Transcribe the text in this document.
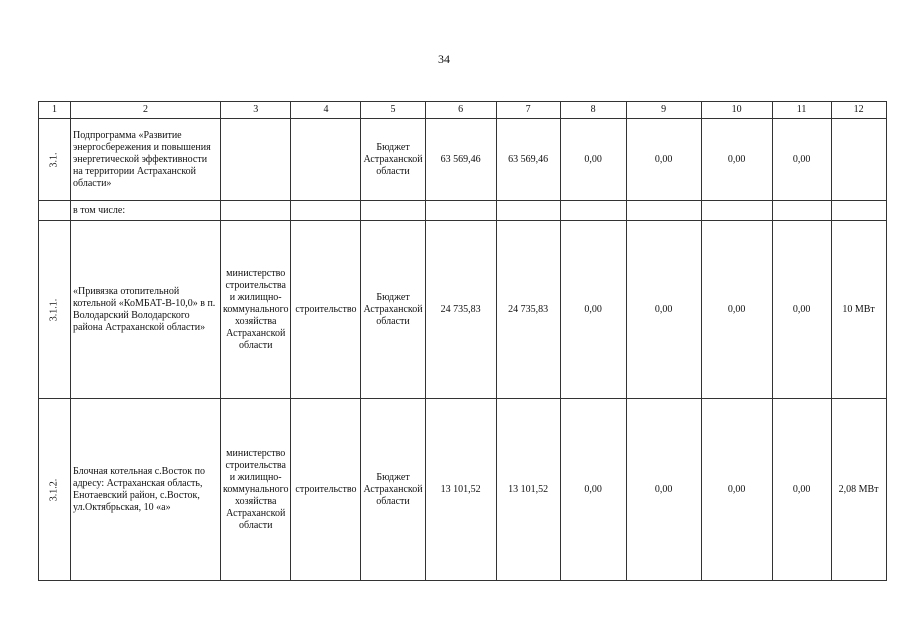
34
1	2	3	4	5	6	7	8	9	10	11	12
3.1.	Подпрограмма «Развитие энергосбережения и повышения энергетической эффективности на территории Астраханской области»			Бюджет Астраханской области	63 569,46	63 569,46	0,00	0,00	0,00	0,00	
	в том числе:										
3.1.1.	«Привязка отопительной котельной «КоМБАТ-В-10,0» в п. Володарский Володарского района Астраханской области»	министерство строительства и жилищно-коммунального хозяйства Астраханской области	строительство	Бюджет Астраханской области	24 735,83	24 735,83	0,00	0,00	0,00	0,00	10 МВт
3.1.2.	Блочная котельная с.Восток по адресу: Астраханская область, Енотаевский район, с.Восток, ул.Октябрьская, 10 «а»	министерство строительства и жилищно-коммунального хозяйства Астраханской области	строительство	Бюджет Астраханской области	13 101,52	13 101,52	0,00	0,00	0,00	0,00	2,08 МВт
